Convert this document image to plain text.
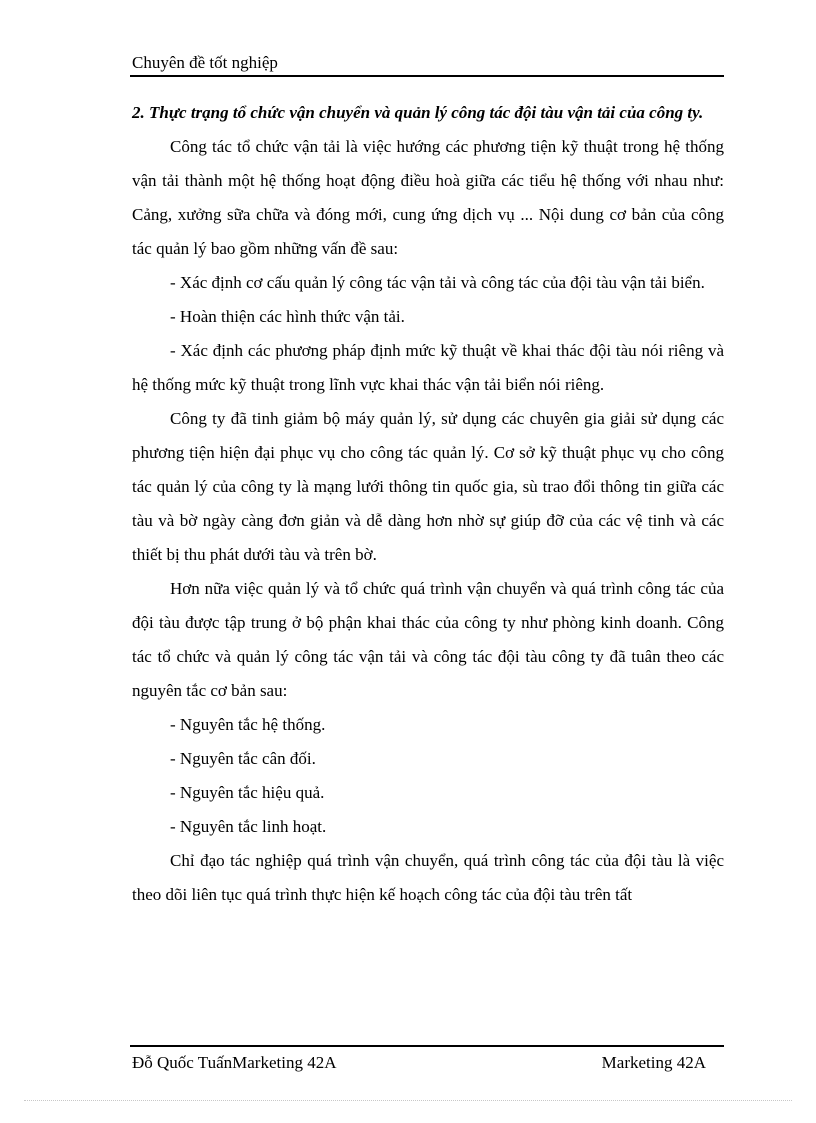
Chuyên đề tốt nghiệp

2. Thực trạng tổ chức vận chuyển và quản lý công tác đội tàu vận tải của công ty.

Công tác tổ chức vận tải là việc hướng các phương tiện kỹ thuật trong hệ thống vận tải thành một hệ thống hoạt động điều hoà giữa các tiểu hệ thống với nhau như: Cảng, xưởng sữa chữa và đóng mới, cung ứng dịch vụ ... Nội dung cơ bản của công tác quản lý bao gồm những vấn đề sau:

- Xác định cơ cấu quản lý công tác vận tải và công tác của đội tàu vận tải biển.

- Hoàn thiện các hình thức vận tải.

- Xác định các phương pháp định mức kỹ thuật về khai thác đội tàu nói riêng và hệ thống mức kỹ thuật trong lĩnh vực khai thác vận tải biển nói riêng.

Công ty đã tinh giảm bộ máy quản lý, sử dụng các chuyên gia giải sử dụng các phương tiện hiện đại phục vụ cho công tác quản lý. Cơ sở kỹ thuật phục vụ cho công tác quản lý của công ty là mạng lưới thông tin quốc gia, sù trao đổi thông tin giữa các tàu và bờ ngày càng đơn giản và dễ dàng hơn nhờ sự giúp đỡ của các vệ tinh và các thiết bị thu phát dưới tàu và trên bờ.

Hơn nữa việc quản lý và tổ chức quá trình vận chuyển và quá trình công tác của đội tàu được tập trung ở bộ phận khai thác của công ty như phòng kinh doanh. Công tác tổ chức và quản lý công tác vận tải và công tác đội tàu công ty đã tuân theo các nguyên tắc cơ bản sau:

- Nguyên tắc hệ thống.

- Nguyên tắc cân đối.

- Nguyên tắc hiệu quả.

- Nguyên tắc linh hoạt.

Chỉ đạo tác nghiệp quá trình vận chuyển, quá trình công tác của đội tàu là việc theo dõi liên tục quá trình thực hiện kế hoạch công tác của đội tàu trên tất

Đỗ Quốc TuấnMarketing 42A	Marketing 42A
